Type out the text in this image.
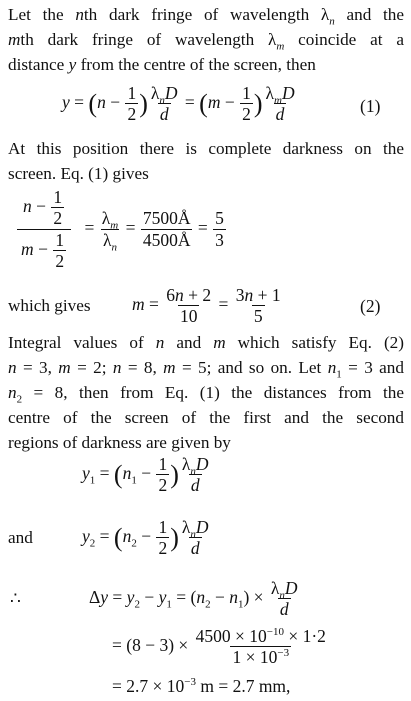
Let the nth dark fringe of wavelength $\lambda_n$ and the
mth dark fringe of wavelength $\lambda_m$ coincide at a
distance y from the centre of the screen, then
$y = (n - \frac{1}{2}$ ) $\frac{\lambda_nD}{d} = (m - \frac{1}{2}$ ) $\frac{\lambda_mD}{d}$	(1)
At this position there is complete darkness on the
screen. Eq. (1) gives
$\frac{n - \frac{1}{2}}{m - \frac{1}{2}} = \frac{\lambda_m}{\lambda_n} = \frac{7500Å}{4500Å} = \frac{5}{3}$
which gives $m = \frac{6n + 2}{10} = \frac{3n + 1}{5}$	(2)
Integral values of n and m which satisfy Eq. (2)
n = 3, m = 2; n = 8, m = 5; and so on. Let $n_1 = 3$ and
$n_2 = 8$, then from Eq. (1) the distances from the
centre of the screen of the first and the second
regions of darkness are given by
$y_1 = (n_1 - \frac{1}{2}$ ) $\frac{\lambda_nD}{d}$
and	$y_2 = (n_2 - \frac{1}{2}$ ) $\frac{\lambda_nD}{d}$
∴	$\Delta y = y_2 - y_1 = (n_2 - n_1) \times \frac{\lambda_nD}{d}$
= $(8 - 3) \times \frac{4500 \times 10^{-10} \times 1\cdot 2}{1 \times 10^{-3}}$
= $2.7 \times 10^{-3}$ m = 2.7 mm,
